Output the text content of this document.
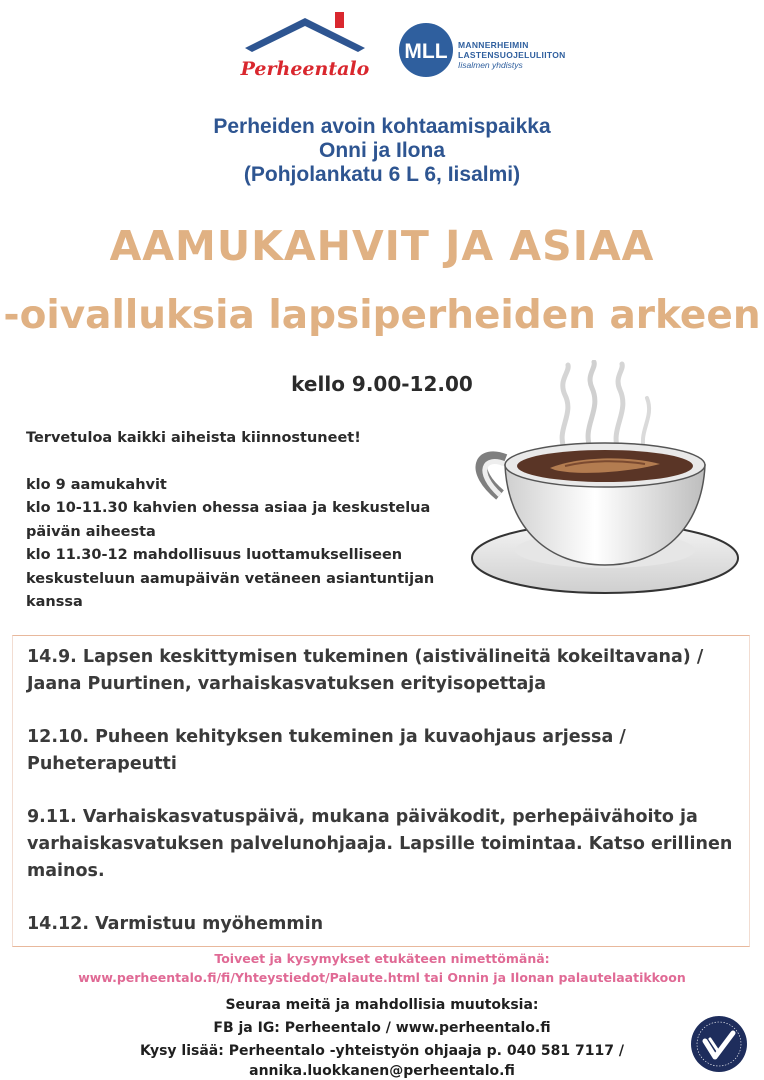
Perheentalo
MLL MANNERHEIMIN
LASTENSUOJELULIITON
Iisalmen yhdistys
Perheiden avoin kohtaamispaikka
Onni ja Ilona
(Pohjolankatu 6 L 6, Iisalmi)
AAMUKAHVIT JA ASIAA
-oivalluksia lapsiperheiden arkeen
kello 9.00-12.00
Tervetuloa kaikki aiheista kiinnostuneet!
klo 9 aamukahvit
klo 10-11.30 kahvien ohessa asiaa ja keskustelua
päivän aiheesta
klo 11.30-12 mahdollisuus luottamukselliseen
keskusteluun aamupäivän vetäneen asiantuntijan
kanssa
14.9. Lapsen keskittymisen tukeminen (aistivälineitä kokeiltavana) /
Jaana Puurtinen, varhaiskasvatuksen erityisopettaja
12.10. Puheen kehityksen tukeminen ja kuvaohjaus arjessa /
Puheterapeutti
9.11. Varhaiskasvatuspäivä, mukana päiväkodit, perhepäivähoito ja
varhaiskasvatuksen palvelunohjaaja. Lapsille toimintaa. Katso erillinen
mainos.
14.12. Varmistuu myöhemmin
Toiveet ja kysymykset etukäteen nimettömänä:
www.perheentalo.fi/fi/Yhteystiedot/Palaute.html tai Onnin ja Ilonan palautelaatikkoon
Seuraa meitä ja mahdollisia muutoksia:
FB ja IG: Perheentalo / www.perheentalo.fi
Kysy lisää: Perheentalo -yhteistyön ohjaaja p. 040 581 7117 /
annika.luokkanen@perheentalo.fi
